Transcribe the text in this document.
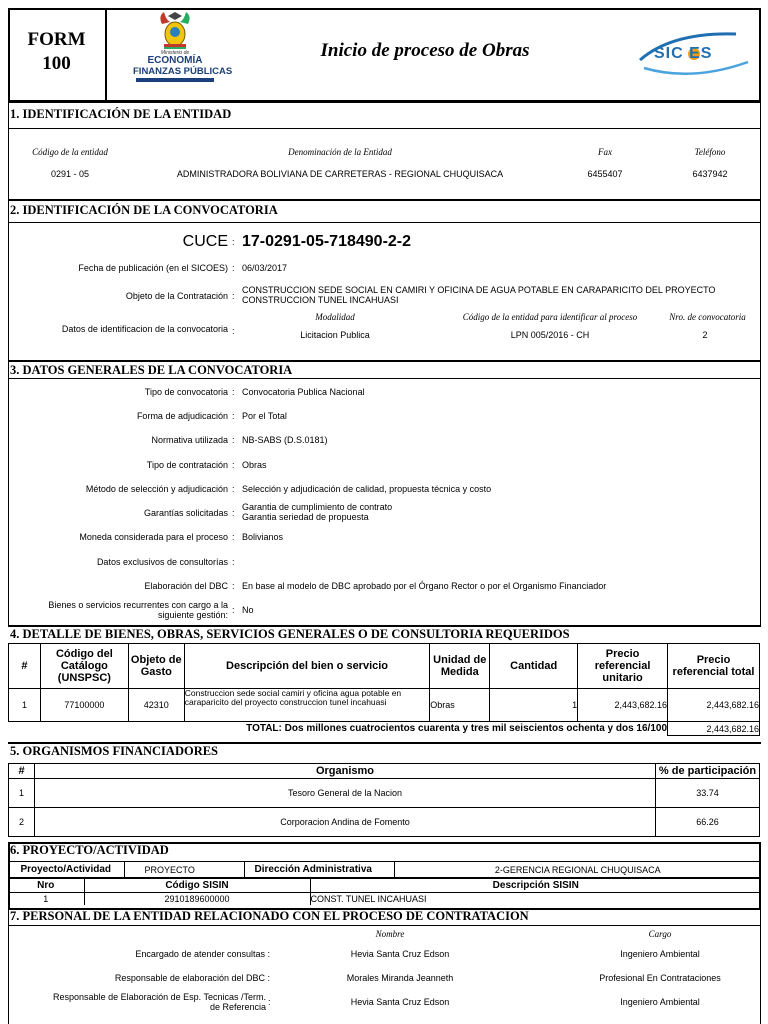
FORM
100	Ministerio de
ECONOMÍA
FINANZAS PÚBLICAS
Inicio de proceso de Obras	SIC ES
1. IDENTIFICACIÓN DE LA ENTIDAD
Código de la entidad	Denominación de la Entidad	Fax	Teléfono
0291 - 05	ADMINISTRADORA BOLIVIANA DE CARRETERAS - REGIONAL CHUQUISACA	6455407	6437942
2. IDENTIFICACIÓN DE LA CONVOCATORIA
CUCE : 17-0291-05-718490-2-2
Fecha de publicación (en el SICOES) : 06/03/2017
Objeto de la Contratación :
CONSTRUCCION SEDE SOCIAL EN CAMIRI Y OFICINA DE AGUA POTABLE EN CARAPARICITO DEL PROYECTO CONSTRUCCION TUNEL INCAHUASI
Modalidad	Código de la entidad para identificar al proceso	Nro. de convocatoria
Datos de identificacion de la convocatoria :	Licitacion Publica	LPN 005/2016 - CH	2
3. DATOS GENERALES DE LA CONVOCATORIA
Tipo de convocatoria : Convocatoria Publica Nacional
Forma de adjudicación : Por el Total
Normativa utilizada : NB-SABS (D.S.0181)
Tipo de contratación : Obras
Método de selección y adjudicación : Selección y adjudicación de calidad, propuesta técnica y costo
Garantías solicitadas :
Garantia de cumplimiento de contrato
Garantia seriedad de propuesta
Moneda considerada para el proceso : Bolivianos
Datos exclusivos de consultorías :
Elaboración del DBC : En base al modelo de DBC aprobado por el Órgano Rector o por el Organismo Financiador
Bienes o servicios recurrentes con cargo a la
siguiente gestión: : No
4. DETALLE DE BIENES, OBRAS, SERVICIOS GENERALES O DE CONSULTORIA REQUERIDOS
#	Código del Catálogo (UNSPSC)	Objeto de Gasto	Descripción del bien o servicio	Unidad de Medida	Cantidad	Precio referencial unitario	Precio referencial total
1	77100000	42310	Construccion sede social camiri y oficina agua potable en caraparicito del proyecto construccion tunel incahuasi	Obras	1	2,443,682.16	2,443,682.16
TOTAL: Dos millones cuatrocientos cuarenta y tres mil seiscientos ochenta y dos 16/100							2,443,682.16
5. ORGANISMOS FINANCIADORES
#	Organismo	% de participación
1	Tesoro General de la Nacion	33.74
2	Corporacion Andina de Fomento	66.26
6. PROYECTO/ACTIVIDAD
Proyecto/Actividad	PROYECTO	Dirección Administrativa	2-GERENCIA REGIONAL CHUQUISACA
Nro	Código SISIN	Descripción SISIN
1	2910189600000	CONST. TUNEL INCAHUASI
7. PERSONAL DE LA ENTIDAD RELACIONADO CON EL PROCESO DE CONTRATACION
Nombre	Cargo
Encargado de atender consultas :	Hevia Santa Cruz Edson	Ingeniero Ambiental
Responsable de elaboración del DBC :	Morales Miranda Jeanneth	Profesional En Contrataciones
Responsable de Elaboración de Esp. Tecnicas /Term.
de Referencia :	Hevia Santa Cruz Edson	Ingeniero Ambiental
